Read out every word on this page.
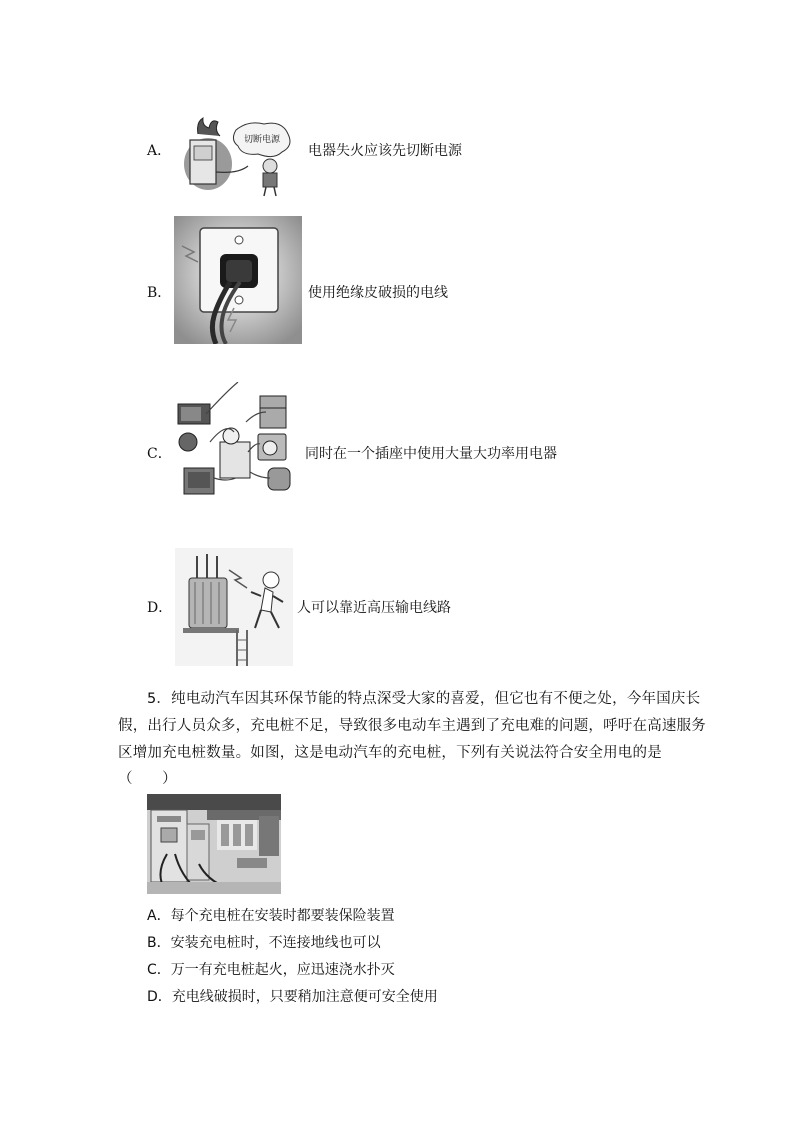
A．
切断电源
电器失火应该先切断电源
B．	使用绝缘皮破损的电线
C．	同时在一个插座中使用大量大功率用电器
D．	人可以靠近高压输电线路
5．纯电动汽车因其环保节能的特点深受大家的喜爱，但它也有不便之处，今年国庆长
假，出行人员众多，充电桩不足，导致很多电动车主遇到了充电难的问题，呼吁在高速服务
区增加充电桩数量。如图，这是电动汽车的充电桩，下列有关说法符合安全用电的是
（　　）
A．每个充电桩在安装时都要装保险装置
B．安装充电桩时，不连接地线也可以
C．万一有充电桩起火，应迅速浇水扑灭
D．充电线破损时，只要稍加注意便可安全使用
